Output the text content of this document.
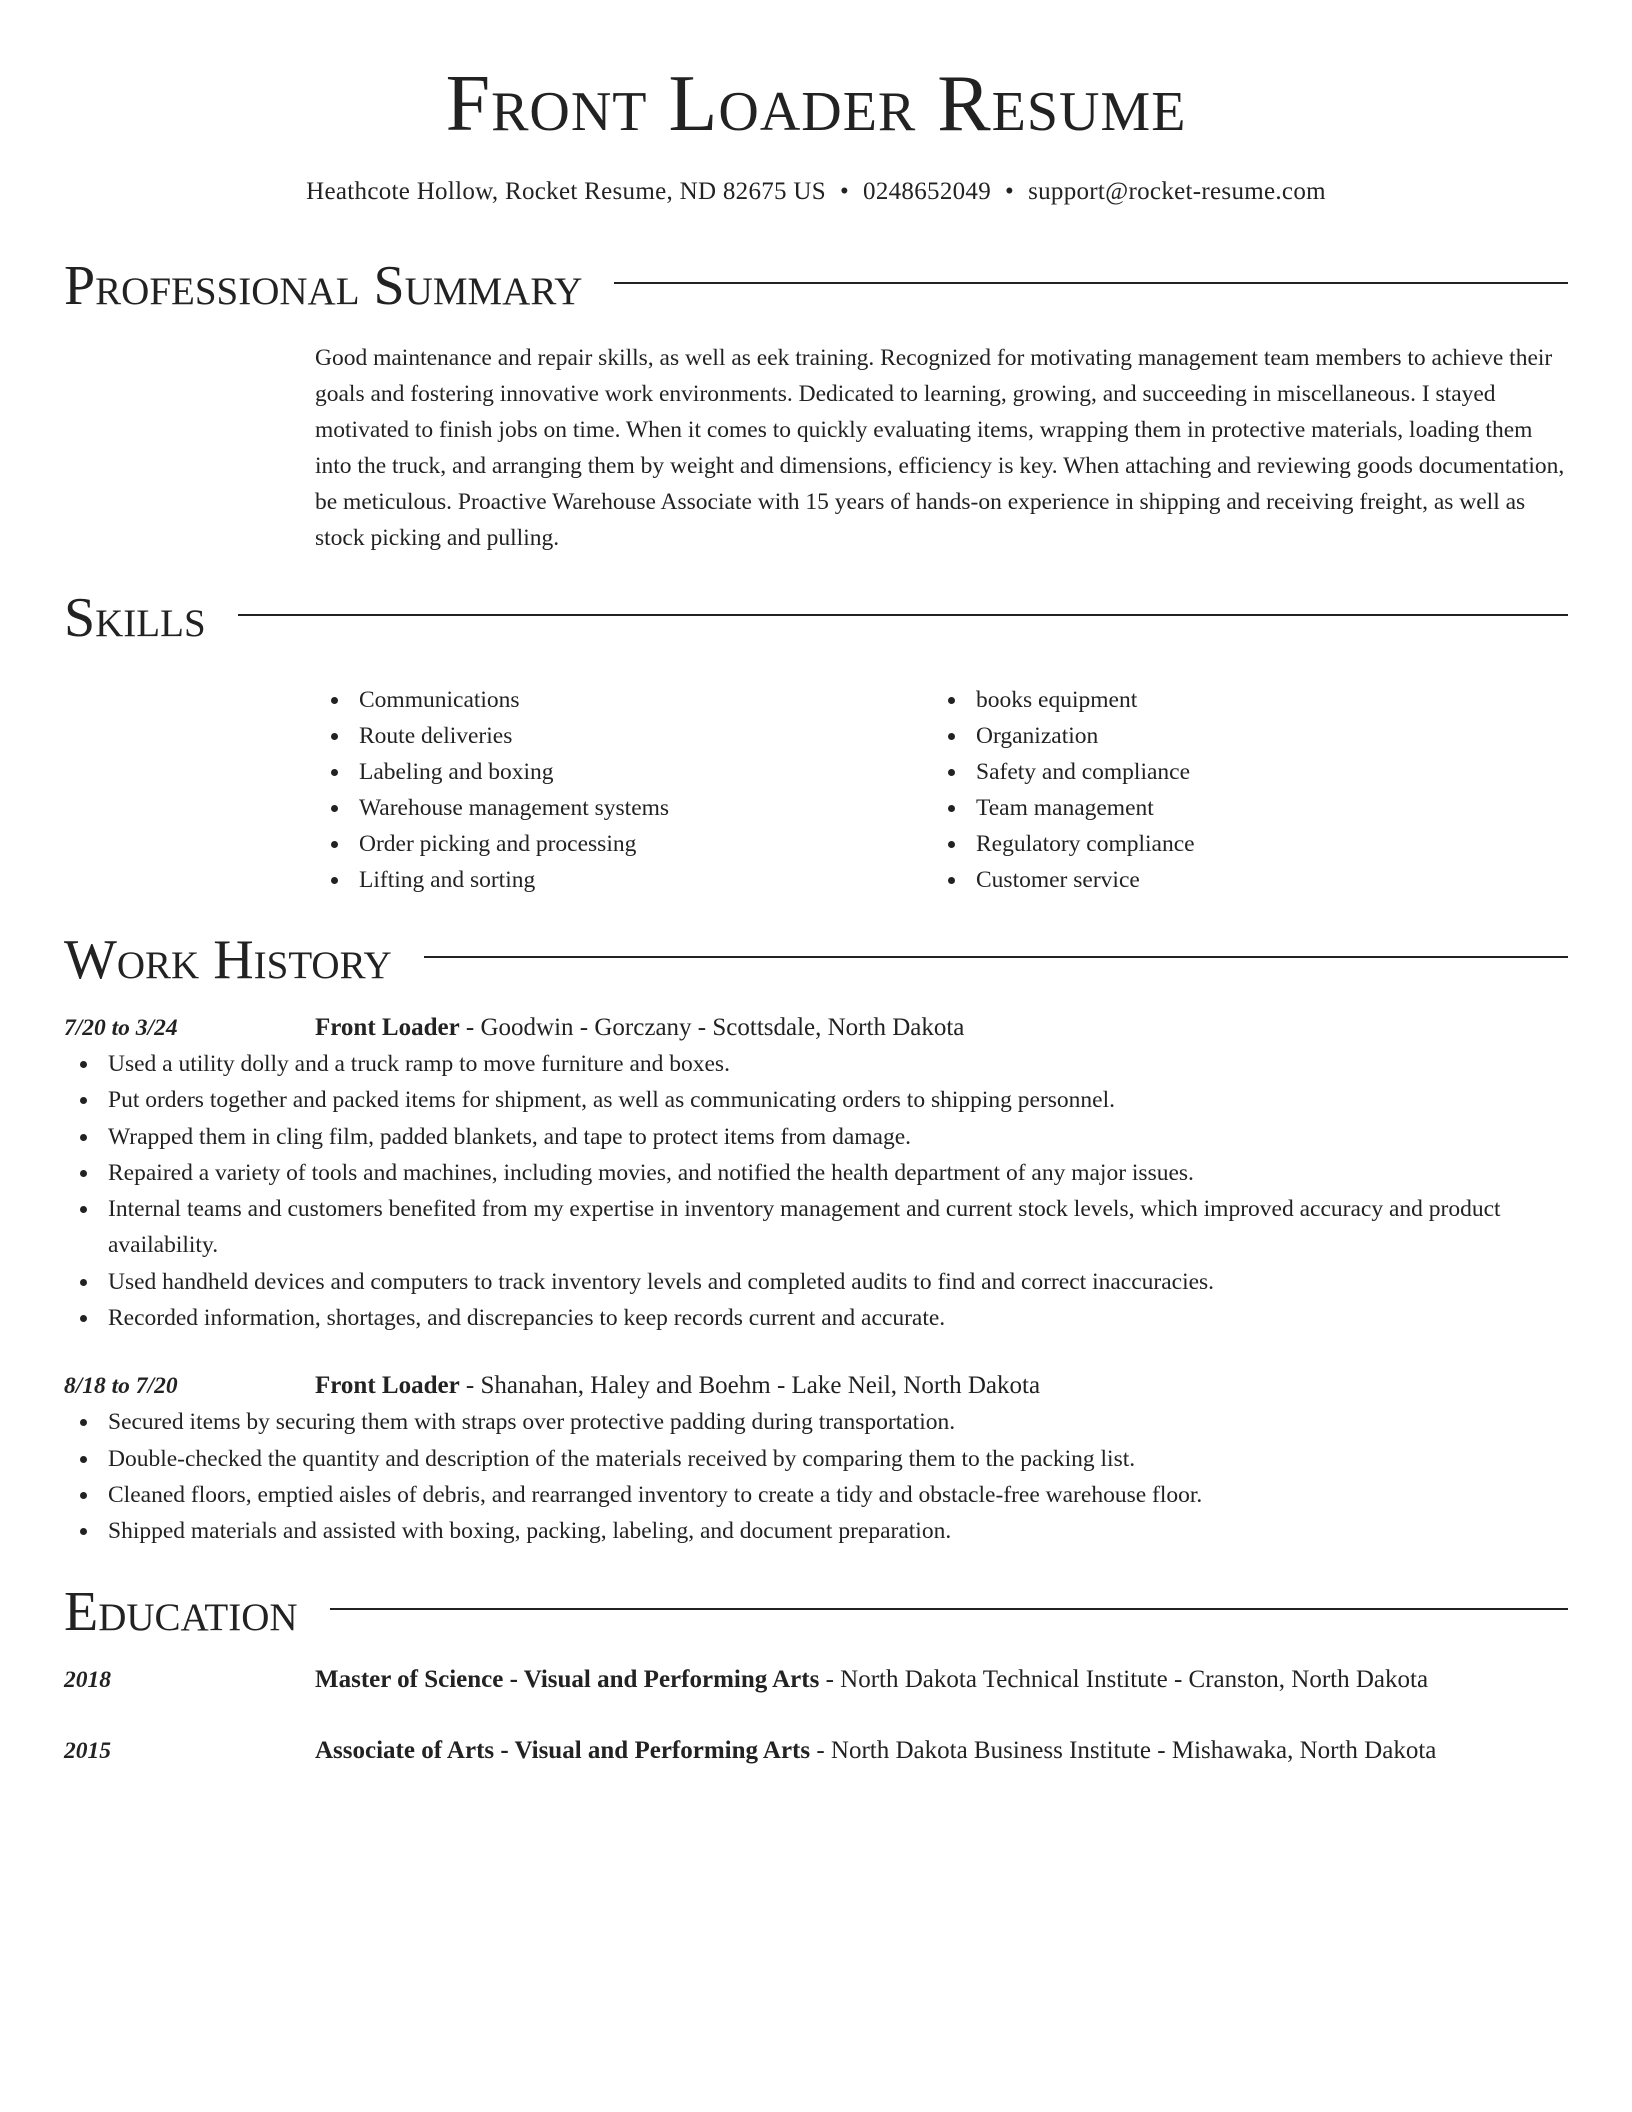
Front Loader Resume
Heathcote Hollow, Rocket Resume, ND 82675 US • 0248652049 • support@rocket-resume.com
Professional Summary
Good maintenance and repair skills, as well as eek training. Recognized for motivating management team members to achieve their goals and fostering innovative work environments. Dedicated to learning, growing, and succeeding in miscellaneous. I stayed motivated to finish jobs on time. When it comes to quickly evaluating items, wrapping them in protective materials, loading them into the truck, and arranging them by weight and dimensions, efficiency is key. When attaching and reviewing goods documentation, be meticulous. Proactive Warehouse Associate with 15 years of hands-on experience in shipping and receiving freight, as well as stock picking and pulling.
Skills
Communications
Route deliveries
Labeling and boxing
Warehouse management systems
Order picking and processing
Lifting and sorting
books equipment
Organization
Safety and compliance
Team management
Regulatory compliance
Customer service
Work History
7/20 to 3/24	Front Loader - Goodwin - Gorczany - Scottsdale, North Dakota
Used a utility dolly and a truck ramp to move furniture and boxes.
Put orders together and packed items for shipment, as well as communicating orders to shipping personnel.
Wrapped them in cling film, padded blankets, and tape to protect items from damage.
Repaired a variety of tools and machines, including movies, and notified the health department of any major issues.
Internal teams and customers benefited from my expertise in inventory management and current stock levels, which improved accuracy and product availability.
Used handheld devices and computers to track inventory levels and completed audits to find and correct inaccuracies.
Recorded information, shortages, and discrepancies to keep records current and accurate.
8/18 to 7/20	Front Loader - Shanahan, Haley and Boehm - Lake Neil, North Dakota
Secured items by securing them with straps over protective padding during transportation.
Double-checked the quantity and description of the materials received by comparing them to the packing list.
Cleaned floors, emptied aisles of debris, and rearranged inventory to create a tidy and obstacle-free warehouse floor.
Shipped materials and assisted with boxing, packing, labeling, and document preparation.
Education
2018	Master of Science - Visual and Performing Arts - North Dakota Technical Institute - Cranston, North Dakota
2015	Associate of Arts - Visual and Performing Arts - North Dakota Business Institute - Mishawaka, North Dakota
